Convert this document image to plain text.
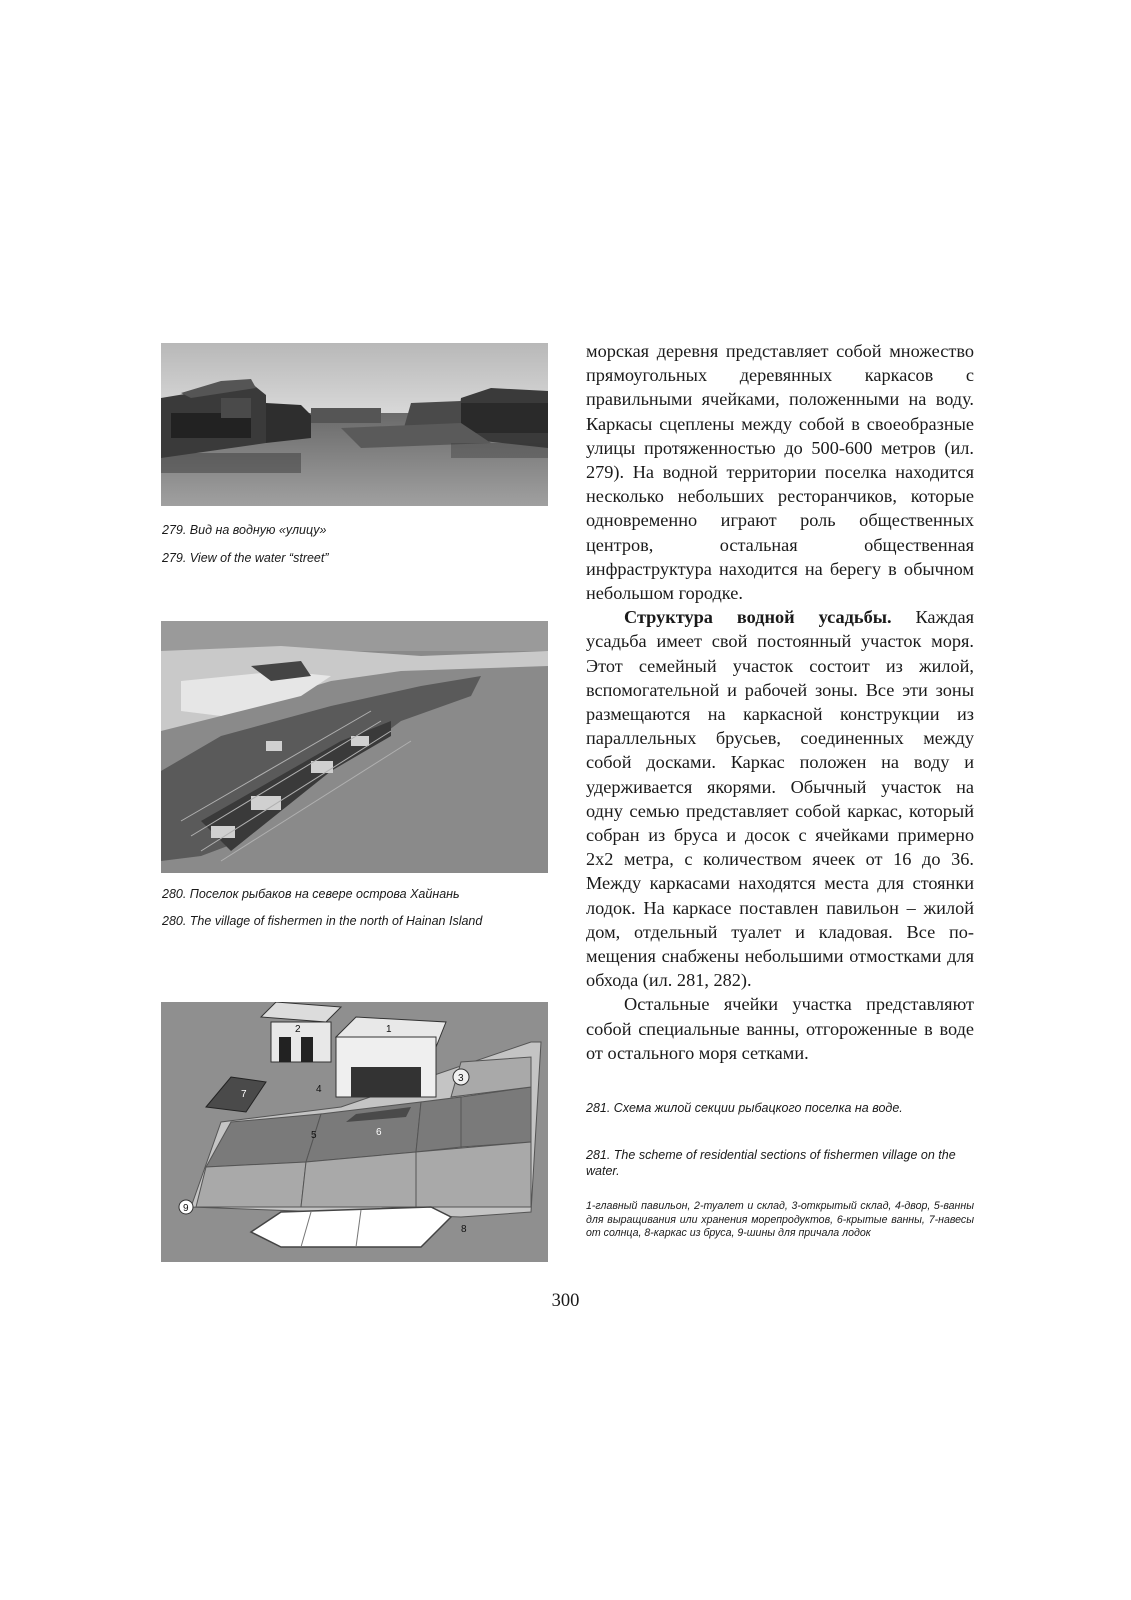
279. Вид на водную «улицу»
279. View of the water “street”
280. Поселок рыбаков на севере острова Хайнань
280. The village of fishermen in the north of Hainan Island
1
2
3
4
5	6
7
8
9

морская деревня представляет собой множество прямоугольных деревянных каркасов с правильными ячейками, положенными на воду. Каркасы сцеплены между собой в своеобразные улицы протяженностью до 500-600 метров (ил. 279). На водной территории поселка находится несколько небольших ресторанчиков, которые одновременно играют роль общественных центров, остальная общественная инфраструктура находится на берегу в обычном небольшом городке.

Структура водной усадьбы. Каждая усадьба имеет свой постоянный участок моря. Этот семейный участок состоит из жилой, вспомогательной и рабочей зоны. Все эти зоны размещаются на каркасной конструкции из параллельных брусьев, соединенных между собой досками. Каркас положен на воду и удерживается якорями. Обычный участок на одну семью представляет собой каркас, который собран из бруса и досок с ячейками примерно 2х2 метра, с количеством ячеек от 16 до 36. Между каркасами находятся места для стоянки лодок. На каркасе поставлен павильон – жилой дом, отдельный туалет и кладовая. Все помещения снабжены небольшими отмостками для обхода (ил. 281, 282).

Остальные ячейки участка представляют собой специальные ванны, отгороженные в воде от остального моря сетками.

281. Схема жилой секции рыбацкого поселка на воде.
281. The scheme of residential sections of fishermen village on the water.
1-главный павильон, 2-туалет и склад, 3-открытый склад, 4-двор, 5-ванны для выращивания или хранения морепродуктов, 6-крытые ванны, 7-навесы от солнца, 8-каркас из бруса, 9-шины для причала лодок
300
